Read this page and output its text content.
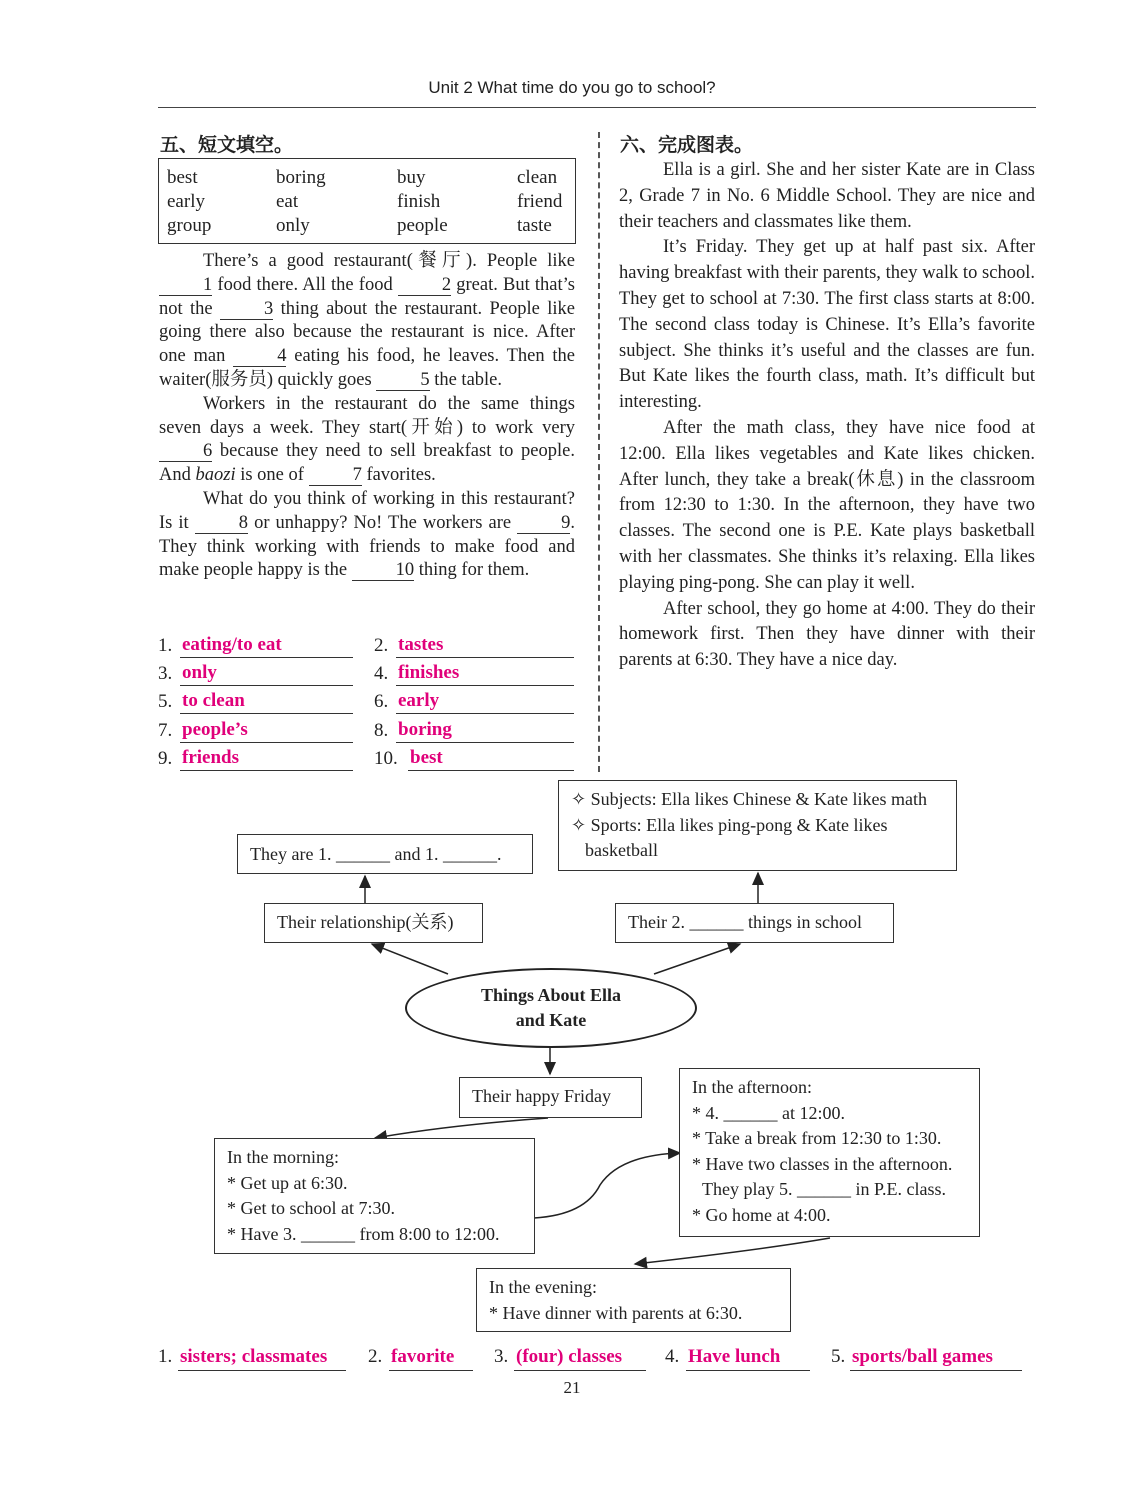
Unit 2 What time do you go to school?
五、短文填空。
best	boring	buy	clean
early	eat	finish	friend
group	only	people	taste

There’s a good restaurant(餐厅). People like 1 food there. All the food 2 great. But that’s not the 3 thing about the restaurant. People like going there also because the restaurant is nice. After one man 4 eating his food, he leaves. Then the waiter(服务员) quickly goes 5 the table.

Workers in the restaurant do the same things seven days a week. They start(开始) to work very 6 because they need to sell breakfast to people. And baozi is one of 7 favorites.

What do you think of working in this restaurant? Is it 8 or unhappy? No! The workers are 9. They think working with friends to make food and make people happy is the 10 thing for them.

1. eating/to eat	2. tastes
3. only	4. finishes
5. to clean	6. early
7. people’s	8. boring
9. friends	10. best
六、完成图表。

Ella is a girl. She and her sister Kate are in Class 2, Grade 7 in No. 6 Middle School. They are nice and their teachers and classmates like them.

It’s Friday. They get up at half past six. After having breakfast with their parents, they walk to school. They get to school at 7:30. The first class starts at 8:00. The second class today is Chinese. It’s Ella’s favorite subject. She thinks it’s useful and the classes are fun. But Kate likes the fourth class, math. It’s difficult but interesting.

After the math class, they have nice food at 12:00. Ella likes vegetables and Kate likes chicken. After lunch, they take a break(休息) in the classroom from 12:30 to 1:30. In the afternoon, they have two classes. The second one is P.E. Kate plays basketball with her classmates. She thinks it’s relaxing. Ella likes playing ping-pong. She can play it well.

After school, they go home at 4:00. They do their homework first. Then they have dinner with their parents at 6:30. They have a nice day.

They are 1. ______ and 1. ______.
✧ Subjects: Ella likes Chinese & Kate likes math
✧ Sports: Ella likes ping-pong & Kate likes
basketball
Their relationship(关系)	Their 2. ______ things in school
Things About Ella
and Kate
Their happy Friday
In the morning:
* Get up at 6:30.
* Get to school at 7:30.
* Have 3. ______ from 8:00 to 12:00.
In the afternoon:
* 4. ______ at 12:00.
* Take a break from 12:30 to 1:30.
* Have two classes in the afternoon.
They play 5. ______ in P.E. class.
* Go home at 4:00.
In the evening:
* Have dinner with parents at 6:30.
1. sisters; classmates 2. favorite 3. (four) classes 4. Have lunch	5. sports/ball games
21
